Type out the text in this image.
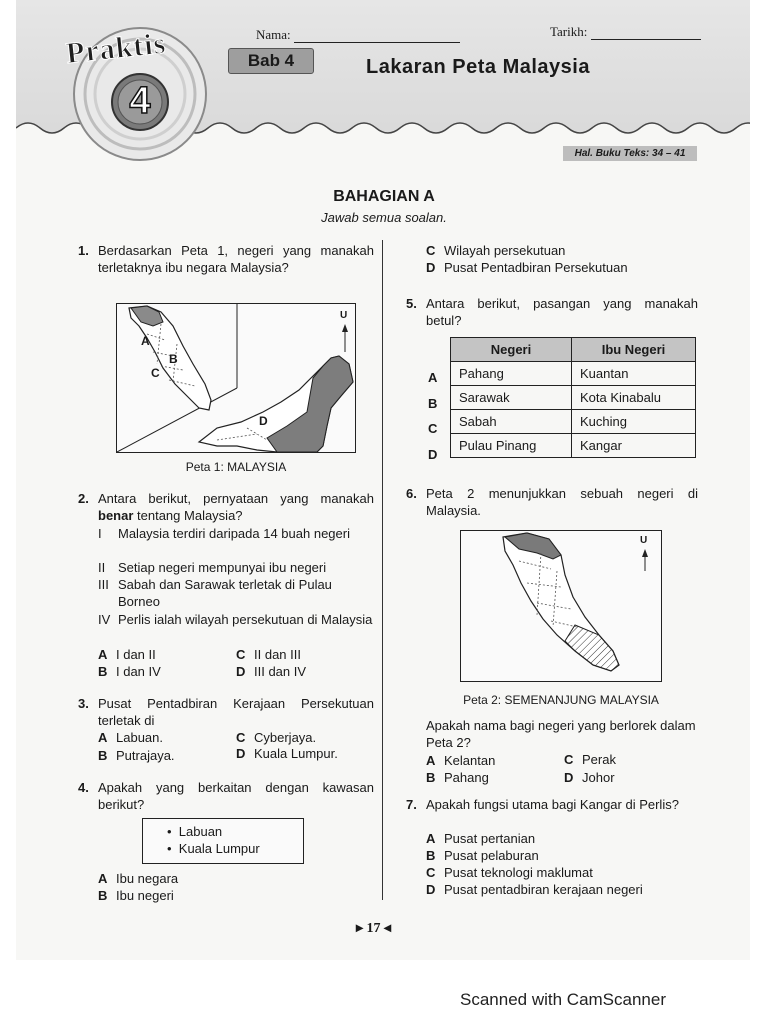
Nama:	Tarikh:
Praktis
4
Bab 4	Lakaran Peta Malaysia
Hal. Buku Teks: 34 – 41
BAHAGIAN A
Jawab semua soalan.
1. Berdasarkan Peta 1, negeri yang manakah terletaknya ibu negara Malaysia?
A
B
C
D
U
Peta 1: MALAYSIA
C Wilayah persekutuan
D Pusat Pentadbiran Persekutuan
2. Antara berikut, pernyataan yang manakah benar tentang Malaysia?
I Malaysia terdiri daripada 14 buah negeri
II Setiap negeri mempunyai ibu negeri
III Sabah dan Sarawak terletak di Pulau Borneo
IV Perlis ialah wilayah persekutuan di Malaysia
A I dan II
B I dan IV
C II dan III
D III dan IV
3. Pusat Pentadbiran Kerajaan Persekutuan terletak di
A Labuan.
B Putrajaya.
C Cyberjaya.
D Kuala Lumpur.
4. Apakah yang berkaitan dengan kawasan berikut?
•  Labuan
•  Kuala Lumpur
A Ibu negara
B Ibu negeri
5. Antara berikut, pasangan yang manakah betul?
Negeri	Ibu Negeri
Pahang	Kuantan
Sarawak	Kota Kinabalu
Sabah	Kuching
Pulau Pinang	Kangar
A
B
C
D
6. Peta 2 menunjukkan sebuah negeri di Malaysia.
U
Peta 2: SEMENANJUNG MALAYSIA
Apakah nama bagi negeri yang berlorek dalam Peta 2?
A Kelantan
B Pahang
C Perak
D Johor
7. Apakah fungsi utama bagi Kangar di Perlis?
A Pusat pertanian
B Pusat pelaburan
C Pusat teknologi maklumat
D Pusat pentadbiran kerajaan negeri
▸ 17 ◂
Scanned with CamScanner
